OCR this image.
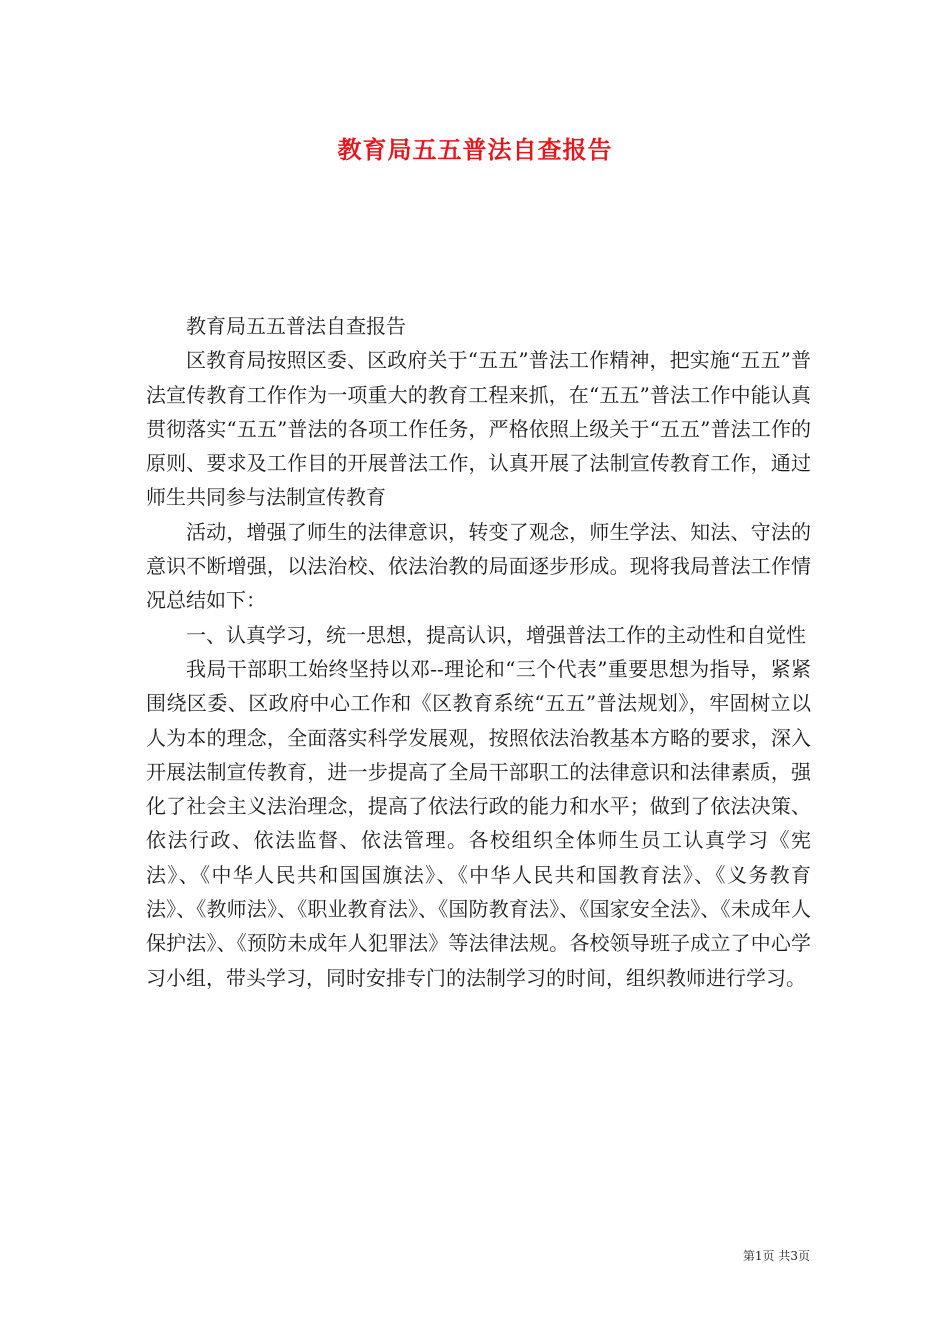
教育局五五普法自查报告

教育局五五普法自查报告

区教育局按照区委、区政府关于“五五”普法工作精神，把实施“五五”普法宣传教育工作作为一项重大的教育工程来抓，在“五五”普法工作中能认真贯彻落实“五五”普法的各项工作任务，严格依照上级关于“五五”普法工作的原则、要求及工作目的开展普法工作，认真开展了法制宣传教育工作，通过师生共同参与法制宣传教育

活动，增强了师生的法律意识，转变了观念，师生学法、知法、守法的意识不断增强，以法治校、依法治教的局面逐步形成。现将我局普法工作情况总结如下：

一、认真学习，统一思想，提高认识，增强普法工作的主动性和自觉性

我局干部职工始终坚持以邓--理论和“三个代表”重要思想为指导，紧紧围绕区委、区政府中心工作和《区教育系统“五五”普法规划》，牢固树立以人为本的理念，全面落实科学发展观，按照依法治教基本方略的要求，深入开展法制宣传教育，进一步提高了全局干部职工的法律意识和法律素质，强化了社会主义法治理念，提高了依法行政的能力和水平；做到了依法决策、依法行政、依法监督、依法管理。各校组织全体师生员工认真学习《宪法》、《中华人民共和国国旗法》、《中华人民共和国教育法》、《义务教育法》、《教师法》、《职业教育法》、《国防教育法》、《国家安全法》、《未成年人保护法》、《预防未成年人犯罪法》等法律法规。各校领导班子成立了中心学习小组，带头学习，同时安排专门的法制学习的时间，组织教师进行学习。

第1页 共3页
